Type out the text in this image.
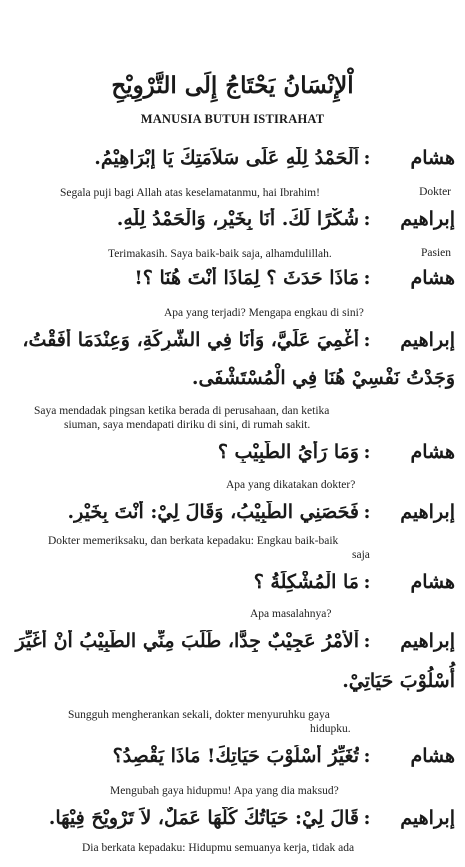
اْلإِنْسَانُ يَحْتَاجُ إِلَى التَّرْوِيْحِ
MANUSIA BUTUH ISTIRAHAT
هشام
:
اَلْحَمْدُ لِلّٰهِ عَلَى سَلاَمَتِكَ يَا إِبْرَاهِيْمُ.
Segala puji bagi Allah atas keselamatanmu, hai Ibrahim!	Dokter
إبراهيم
:
شُكْرًا لَكَ. أَنَا بِخَيْرٍ، وَالْحَمْدُ لِلّٰهِ.
Terimakasih. Saya baik-baik saja, alhamdulillah.	Pasien
هشام
:
مَاذَا حَدَثَ ؟ لِمَاذَا أَنْتَ هُنَا ؟!
Apa yang terjadi? Mengapa engkau di sini?
إبراهيم
:
أُغْمِيَ عَلَيَّ، وَأَنَا فِي الشَّرِكَةِ، وَعِنْدَمَا أَفَقْتُ،
وَجَدْتُ نَفْسِيْ هُنَا فِي الْمُسْتَشْفَى.
Saya mendadak pingsan ketika berada di perusahaan, dan ketika
siuman, saya mendapati diriku di sini, di rumah sakit.
هشام
:
وَمَا رَأْيُ الطَّبِيْبِ ؟
Apa yang dikatakan dokter?
إبراهيم
:
فَحَصَنِي الطَّبِيْبُ، وَقَالَ لِيْ: أَنْتَ بِخَيْرٍ.
Dokter memeriksaku, dan berkata kepadaku: Engkau baik-baik
saja
هشام
:
مَا الْمُشْكِلَةُ ؟
Apa masalahnya?
إبراهيم
:
اْلأَمْرُ عَجِيْبٌ جِدًّا، طَلَبَ مِنِّي الطَّبِيْبُ أَنْ أُغَيِّرَ
أُسْلُوْبَ حَيَاتِيْ.
Sungguh mengherankan sekali, dokter menyuruhku gaya
hidupku.
هشام
:
تُغَيِّرُ أُسْلُوْبَ حَيَاتِكَ! مَاذَا يَقْصِدُ؟
Mengubah gaya hidupmu! Apa yang dia maksud?
إبراهيم
:
قَالَ لِيْ: حَيَاتُكَ كُلُّهَا عَمَلٌ، لاَ تَرْوِيْحَ فِيْهَا.
Dia berkata kepadaku: Hidupmu semuanya kerja, tidak ada
